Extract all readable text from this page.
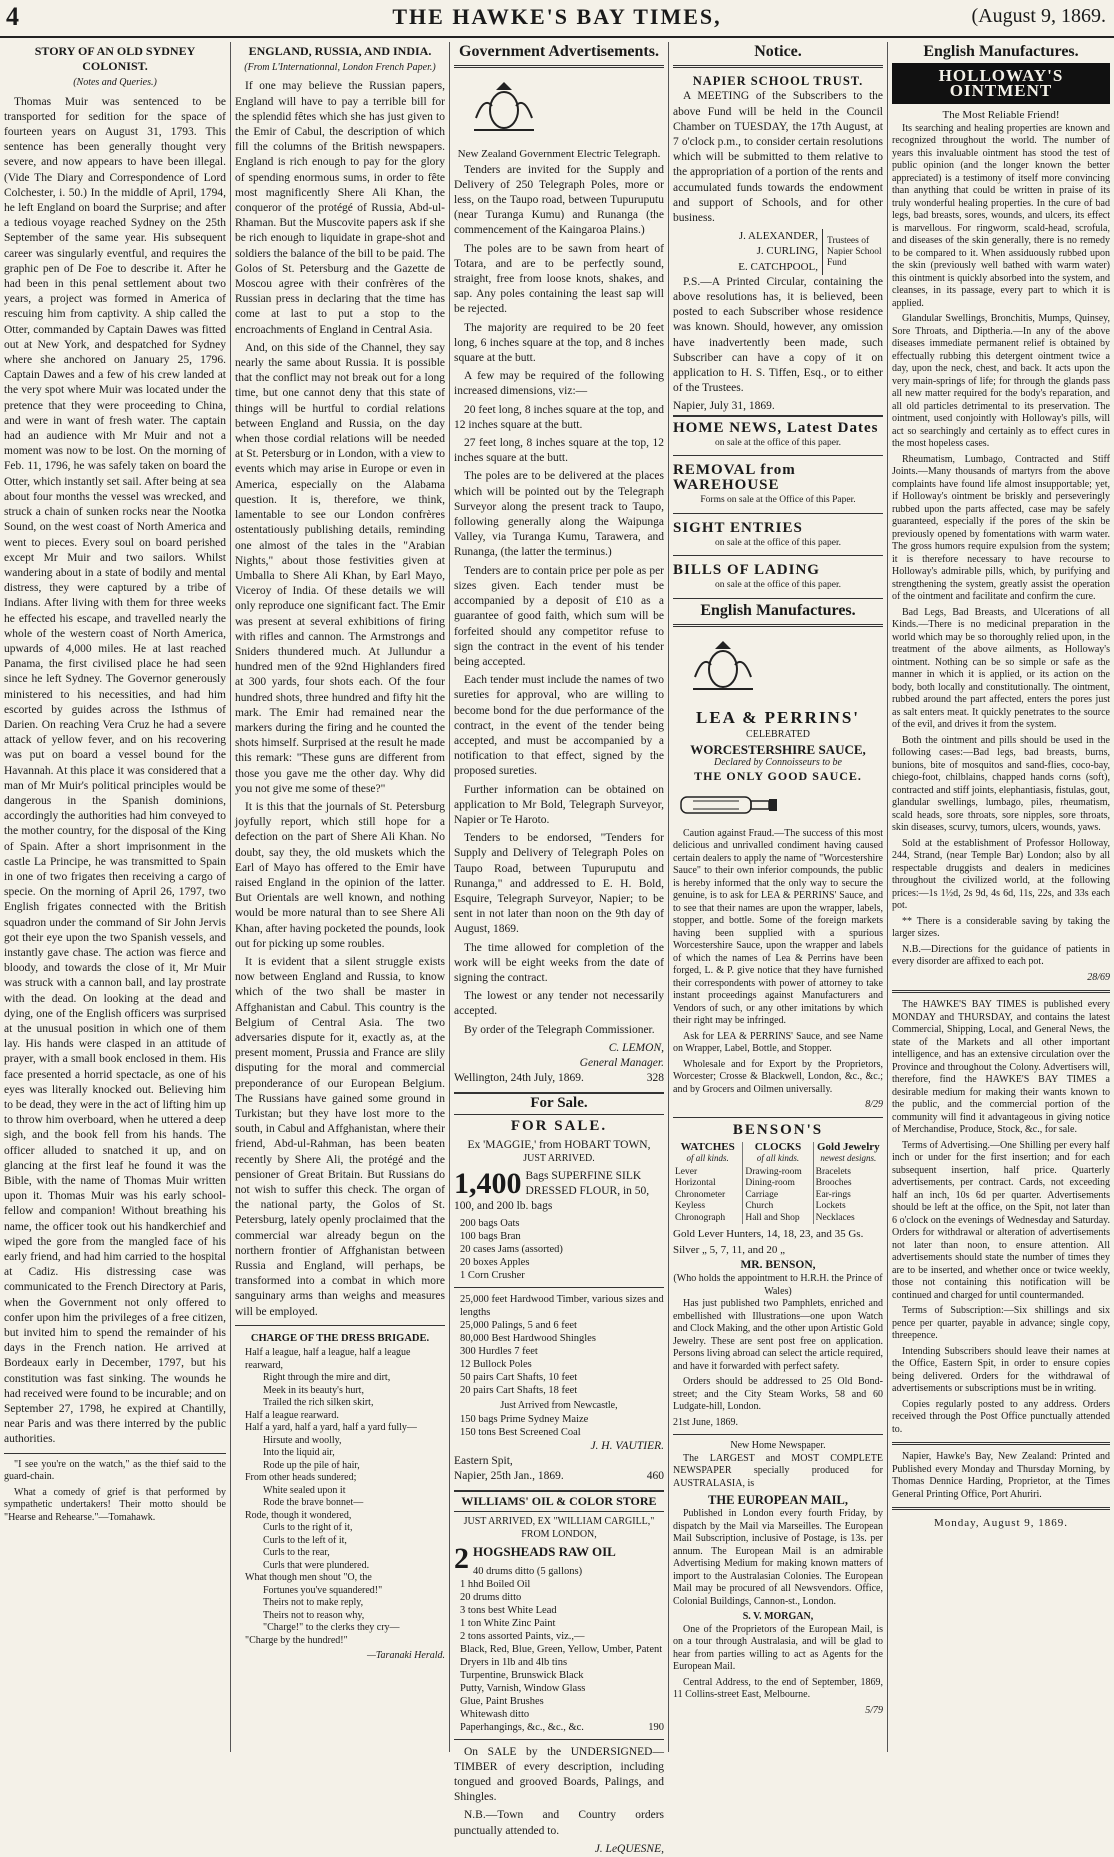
4	THE HAWKE'S BAY TIMES,	(August 9, 1869.
STORY OF AN OLD SYDNEY COLONIST.
(Notes and Queries.)

Thomas Muir was sentenced to be transported for sedition for the space of fourteen years on August 31, 1793. This sentence has been generally thought very severe, and now appears to have been illegal. (Vide The Diary and Correspondence of Lord Colchester, i. 50.) In the middle of April, 1794, he left England on board the Surprise; and after a tedious voyage reached Sydney on the 25th September of the same year. His subsequent career was singularly eventful, and requires the graphic pen of De Foe to describe it. After he had been in this penal settlement about two years, a project was formed in America of rescuing him from captivity. A ship called the Otter, commanded by Captain Dawes was fitted out at New York, and despatched for Sydney where she anchored on January 25, 1796. Captain Dawes and a few of his crew landed at the very spot where Muir was located under the pretence that they were proceeding to China, and were in want of fresh water. The captain had an audience with Mr Muir and not a moment was now to be lost. On the morning of Feb. 11, 1796, he was safely taken on board the Otter, which instantly set sail. After being at sea about four months the vessel was wrecked, and struck a chain of sunken rocks near the Nootka Sound, on the west coast of North America and went to pieces. Every soul on board perished except Mr Muir and two sailors. Whilst wandering about in a state of bodily and mental distress, they were captured by a tribe of Indians. After living with them for three weeks he effected his escape, and travelled nearly the whole of the western coast of North America, upwards of 4,000 miles. He at last reached Panama, the first civilised place he had seen since he left Sydney. The Governor generously ministered to his necessities, and had him escorted by guides across the Isthmus of Darien. On reaching Vera Cruz he had a severe attack of yellow fever, and on his recovering was put on board a vessel bound for the Havannah. At this place it was considered that a man of Mr Muir's political principles would be dangerous in the Spanish dominions, accordingly the authorities had him conveyed to the mother country, for the disposal of the King of Spain. After a short imprisonment in the castle La Principe, he was transmitted to Spain in one of two frigates then receiving a cargo of specie. On the morning of April 26, 1797, two English frigates connected with the British squadron under the command of Sir John Jervis got their eye upon the two Spanish vessels, and instantly gave chase. The action was fierce and bloody, and towards the close of it, Mr Muir was struck with a cannon ball, and lay prostrate with the dead. On looking at the dead and dying, one of the English officers was surprised at the unusual position in which one of them lay. His hands were clasped in an attitude of prayer, with a small book enclosed in them. His face presented a horrid spectacle, as one of his eyes was literally knocked out. Believing him to be dead, they were in the act of lifting him up to throw him overboard, when he uttered a deep sigh, and the book fell from his hands. The officer alluded to snatched it up, and on glancing at the first leaf he found it was the Bible, with the name of Thomas Muir written upon it. Thomas Muir was his early school-fellow and companion! Without breathing his name, the officer took out his handkerchief and wiped the gore from the mangled face of his early friend, and had him carried to the hospital at Cadiz. His distressing case was communicated to the French Directory at Paris, when the Government not only offered to confer upon him the privileges of a free citizen, but invited him to spend the remainder of his days in the French nation. He arrived at Bordeaux early in December, 1797, but his constitution was fast sinking. The wounds he had received were found to be incurable; and on September 27, 1798, he expired at Chantilly, near Paris and was there interred by the public authorities.

"I see you're on the watch," as the thief said to the guard-chain.

What a comedy of grief is that performed by sympathetic undertakers! Their motto should be "Hearse and Rehearse."—Tomahawk.

ENGLAND, RUSSIA, AND INDIA.
(From L'Internationnal, London French Paper.)

If one may believe the Russian papers, England will have to pay a terrible bill for the splendid fêtes which she has just given to the Emir of Cabul, the description of which fill the columns of the British newspapers. England is rich enough to pay for the glory of spending enormous sums, in order to fête most magnificently Shere Ali Khan, the conqueror of the protégé of Russia, Abd-ul-Rhaman. But the Muscovite papers ask if she be rich enough to liquidate in grape-shot and soldiers the balance of the bill to be paid. The Golos of St. Petersburg and the Gazette de Moscou agree with their confrères of the Russian press in declaring that the time has come at last to put a stop to the encroachments of England in Central Asia.

And, on this side of the Channel, they say nearly the same about Russia. It is possible that the conflict may not break out for a long time, but one cannot deny that this state of things will be hurtful to cordial relations between England and Russia, on the day when those cordial relations will be needed at St. Petersburg or in London, with a view to events which may arise in Europe or even in America, especially on the Alabama question. It is, therefore, we think, lamentable to see our London confrères ostentatiously publishing details, reminding one almost of the tales in the "Arabian Nights," about those festivities given at Umballa to Shere Ali Khan, by Earl Mayo, Viceroy of India. Of these details we will only reproduce one significant fact. The Emir was present at several exhibitions of firing with rifles and cannon. The Armstrongs and Sniders thundered much. At Jullundur a hundred men of the 92nd Highlanders fired at 300 yards, four shots each. Of the four hundred shots, three hundred and fifty hit the mark. The Emir had remained near the markers during the firing and he counted the shots himself. Surprised at the result he made this remark: "These guns are different from those you gave me the other day. Why did you not give me some of these?"

It is this that the journals of St. Petersburg joyfully report, which still hope for a defection on the part of Shere Ali Khan. No doubt, say they, the old muskets which the Earl of Mayo has offered to the Emir have raised England in the opinion of the latter. But Orientals are well known, and nothing would be more natural than to see Shere Ali Khan, after having pocketed the pounds, look out for picking up some roubles.

It is evident that a silent struggle exists now between England and Russia, to know which of the two shall be master in Affghanistan and Cabul. This country is the Belgium of Central Asia. The two adversaries dispute for it, exactly as, at the present moment, Prussia and France are slily disputing for the moral and commercial preponderance of our European Belgium. The Russians have gained some ground in Turkistan; but they have lost more to the south, in Cabul and Affghanistan, where their friend, Abd-ul-Rahman, has been beaten recently by Shere Ali, the protégé and the pensioner of Great Britain. But Russians do not wish to suffer this check. The organ of the national party, the Golos of St. Petersburg, lately openly proclaimed that the commercial war already begun on the northern frontier of Affghanistan between Russia and England, will perhaps, be transformed into a combat in which more sanguinary arms than weighs and measures will be employed.

CHARGE OF THE DRESS BRIGADE.
Half a league, half a league, half a league rearward,
Right through the mire and dirt,
Meek in its beauty's hurt,
Trailed the rich silken skirt,
Half a league rearward.
Half a yard, half a yard, half a yard fully—
Hirsute and woolly,
Into the liquid air,
Rode up the pile of hair,
From other heads sundered;
White sealed upon it
Rode the brave bonnet—
Rode, though it wondered,
Curls to the right of it,
Curls to the left of it,
Curls to the rear,
Curls that were plundered.
What though men shout "O, the
Fortunes you've squandered!"
Theirs not to make reply,
Theirs not to reason why,
"Charge!" to the clerks they cry—
"Charge by the hundred!"
—Taranaki Herald.
Government Advertisements.
New Zealand Government Electric Telegraph.

Tenders are invited for the Supply and Delivery of 250 Telegraph Poles, more or less, on the Taupo road, between Tupuruputu (near Turanga Kumu) and Runanga (the commencement of the Kaingaroa Plains.)

The poles are to be sawn from heart of Totara, and are to be perfectly sound, straight, free from loose knots, shakes, and sap. Any poles containing the least sap will be rejected.

The majority are required to be 20 feet long, 6 inches square at the top, and 8 inches square at the butt.

A few may be required of the following increased dimensions, viz:—

20 feet long, 8 inches square at the top, and 12 inches square at the butt.

27 feet long, 8 inches square at the top, 12 inches square at the butt.

The poles are to be delivered at the places which will be pointed out by the Telegraph Surveyor along the present track to Taupo, following generally along the Waipunga Valley, via Turanga Kumu, Tarawera, and Runanga, (the latter the terminus.)

Tenders are to contain price per pole as per sizes given. Each tender must be accompanied by a deposit of £10 as a guarantee of good faith, which sum will be forfeited should any competitor refuse to sign the contract in the event of his tender being accepted.

Each tender must include the names of two sureties for approval, who are willing to become bond for the due performance of the contract, in the event of the tender being accepted, and must be accompanied by a notification to that effect, signed by the proposed sureties.

Further information can be obtained on application to Mr Bold, Telegraph Surveyor, Napier or Te Haroto.

Tenders to be endorsed, "Tenders for Supply and Delivery of Telegraph Poles on Taupo Road, between Tupuruputu and Runanga," and addressed to E. H. Bold, Esquire, Telegraph Surveyor, Napier; to be sent in not later than noon on the 9th day of August, 1869.

The time allowed for completion of the work will be eight weeks from the date of signing the contract.

The lowest or any tender not necessarily accepted.

By order of the Telegraph Commissioner.

C. LEMON,
General Manager.
Wellington, 24th July, 1869.	328
For Sale.
FOR SALE.
Ex 'MAGGIE,' from HOBART TOWN,
JUST ARRIVED.
1,400 Bags SUPERFINE SILK DRESSED FLOUR, in 50, 100, and 200 lb. bags
200 bags Oats
100 bags Bran
20 cases Jams (assorted)
20 boxes Apples
1 Corn Crusher
25,000 feet Hardwood Timber, various sizes and lengths
25,000 Palings, 5 and 6 feet
80,000 Best Hardwood Shingles
300 Hurdles 7 feet
12 Bullock Poles
50 pairs Cart Shafts, 10 feet
20 pairs Cart Shafts, 18 feet
Just Arrived from Newcastle,
150 bags Prime Sydney Maize
150 tons Best Screened Coal
J. H. VAUTIER.
Eastern Spit,
Napier, 25th Jan., 1869.	460
WILLIAMS' OIL & COLOR STORE
JUST ARRIVED, EX "WILLIAM CARGILL," FROM LONDON,
2 HOGSHEADS RAW OIL
40 drums ditto (5 gallons)
1 hhd Boiled Oil
20 drums ditto
3 tons best White Lead
1 ton White Zinc Paint
2 tons assorted Paints, viz.,—
Black, Red, Blue, Green, Yellow, Umber, Patent Dryers in 1lb and 4lb tins
Turpentine, Brunswick Black
Putty, Varnish, Window Glass
Glue, Paint Brushes
Whitewash ditto
Paperhangings, &c., &c., &c.	190

On SALE by the UNDERSIGNED—TIMBER of every description, including tongued and grooved Boards, Palings, and Shingles.

N.B.—Town and Country orders punctually attended to.

J. LeQUESNE,
Notice.
NAPIER SCHOOL TRUST.

A MEETING of the Subscribers to the above Fund will be held in the Council Chamber on TUESDAY, the 17th August, at 7 o'clock p.m., to consider certain resolutions which will be submitted to them relative to the appropriation of a portion of the rents and accumulated funds towards the endowment and support of Schools, and for other business.

J. ALEXANDER,
J. CURLING,
E. CATCHPOOL,
Trustees of Napier School Fund

P.S.—A Printed Circular, containing the above resolutions has, it is believed, been posted to each Subscriber whose residence was known. Should, however, any omission have inadvertently been made, such Subscriber can have a copy of it on application to H. S. Tiffen, Esq., or to either of the Trustees.

Napier, July 31, 1869.
HOME NEWS, Latest Dates
on sale at the office of this paper.
REMOVAL from WAREHOUSE
Forms on sale at the Office of this Paper.
SIGHT ENTRIES
on sale at the office of this paper.
BILLS OF LADING
on sale at the office of this paper.
English Manufactures.
LEA & PERRINS'
CELEBRATED
WORCESTERSHIRE SAUCE,
Declared by Connoisseurs to be
THE ONLY GOOD SAUCE.

Caution against Fraud.—The success of this most delicious and unrivalled condiment having caused certain dealers to apply the name of "Worcestershire Sauce" to their own inferior compounds, the public is hereby informed that the only way to secure the genuine, is to ask for LEA & PERRINS' Sauce, and to see that their names are upon the wrapper, labels, stopper, and bottle. Some of the foreign markets having been supplied with a spurious Worcestershire Sauce, upon the wrapper and labels of which the names of Lea & Perrins have been forged, L. & P. give notice that they have furnished their correspondents with power of attorney to take instant proceedings against Manufacturers and Vendors of such, or any other imitations by which their right may be infringed.

Ask for LEA & PERRINS' Sauce, and see Name on Wrapper, Label, Bottle, and Stopper.

Wholesale and for Export by the Proprietors, Worcester; Crosse & Blackwell, London, &c., &c.; and by Grocers and Oilmen universally.

8/29
BENSON'S
WATCHES
of all kinds.
Lever
Horizontal
Chronometer
Keyless
Chronograph
CLOCKS
of all kinds.
Drawing-room
Dining-room
Carriage
Church
Hall and Shop
Gold Jewelry
newest designs.
Bracelets
Brooches
Ear-rings
Lockets
Necklaces
Gold Lever Hunters, 14, 18, 23, and 35 Gs. Silver „ 5, 7, 11, and 20 „
MR. BENSON,
(Who holds the appointment to H.R.H. the Prince of Wales)

Has just published two Pamphlets, enriched and embellished with Illustrations—one upon Watch and Clock Making, and the other upon Artistic Gold Jewelry. These are sent post free on application. Persons living abroad can select the article required, and have it forwarded with perfect safety.

Orders should be addressed to 25 Old Bond-street; and the City Steam Works, 58 and 60 Ludgate-hill, London.

21st June, 1869.
New Home Newspaper.

The LARGEST and MOST COMPLETE NEWSPAPER specially produced for AUSTRALASIA, is

THE EUROPEAN MAIL,

Published in London every fourth Friday, by dispatch by the Mail via Marseilles. The European Mail Subscription, inclusive of Postage, is 13s. per annum. The European Mail is an admirable Advertising Medium for making known matters of import to the Australasian Colonies. The European Mail may be procured of all Newsvendors. Office, Colonial Buildings, Cannon-st., London.

S. V. MORGAN,

One of the Proprietors of the European Mail, is on a tour through Australasia, and will be glad to hear from parties willing to act as Agents for the European Mail.

Central Address, to the end of September, 1869, 11 Collins-street East, Melbourne.

5/79
English Manufactures.
HOLLOWAY'S OINTMENT
The Most Reliable Friend!

Its searching and healing properties are known and recognized throughout the world. The number of years this invaluable ointment has stood the test of public opinion (and the longer known the better appreciated) is a testimony of itself more convincing than anything that could be written in praise of its truly wonderful healing properties. In the cure of bad legs, bad breasts, sores, wounds, and ulcers, its effect is marvellous. For ringworm, scald-head, scrofula, and diseases of the skin generally, there is no remedy to be compared to it. When assiduously rubbed upon the skin (previously well bathed with warm water) this ointment is quickly absorbed into the system, and cleanses, in its passage, every part to which it is applied.

Glandular Swellings, Bronchitis, Mumps, Quinsey, Sore Throats, and Diptheria.—In any of the above diseases immediate permanent relief is obtained by effectually rubbing this detergent ointment twice a day, upon the neck, chest, and back. It acts upon the very main-springs of life; for through the glands pass all new matter required for the body's reparation, and all old particles detrimental to its preservation. The ointment, used conjointly with Holloway's pills, will act so searchingly and certainly as to effect cures in the most hopeless cases.

Rheumatism, Lumbago, Contracted and Stiff Joints.—Many thousands of martyrs from the above complaints have found life almost insupportable; yet, if Holloway's ointment be briskly and perseveringly rubbed upon the parts affected, case may be safely guaranteed, especially if the pores of the skin be previously opened by fomentations with warm water. The gross humors require expulsion from the system; it is therefore necessary to have recourse to Holloway's admirable pills, which, by purifying and strengthening the system, greatly assist the operation of the ointment and facilitate and confirm the cure.

Bad Legs, Bad Breasts, and Ulcerations of all Kinds.—There is no medicinal preparation in the world which may be so thoroughly relied upon, in the treatment of the above ailments, as Holloway's ointment. Nothing can be so simple or safe as the manner in which it is applied, or its action on the body, both locally and constitutionally. The ointment, rubbed around the part affected, enters the pores just as salt enters meat. It quickly penetrates to the source of the evil, and drives it from the system.

Both the ointment and pills should be used in the following cases:—Bad legs, bad breasts, burns, bunions, bite of mosquitos and sand-flies, coco-bay, chiego-foot, chilblains, chapped hands corns (soft), contracted and stiff joints, elephantiasis, fistulas, gout, glandular swellings, lumbago, piles, rheumatism, scald heads, sore throats, sore nipples, sore throats, skin diseases, scurvy, tumors, ulcers, wounds, yaws.

Sold at the establishment of Professor Holloway, 244, Strand, (near Temple Bar) London; also by all respectable druggists and dealers in medicines throughout the civilized world, at the following prices:—1s 1½d, 2s 9d, 4s 6d, 11s, 22s, and 33s each pot.

** There is a considerable saving by taking the larger sizes.

N.B.—Directions for the guidance of patients in every disorder are affixed to each pot.

28/69

The HAWKE'S BAY TIMES is published every MONDAY and THURSDAY, and contains the latest Commercial, Shipping, Local, and General News, the state of the Markets and all other important intelligence, and has an extensive circulation over the Province and throughout the Colony. Advertisers will, therefore, find the HAWKE'S BAY TIMES a desirable medium for making their wants known to the public, and the commercial portion of the community will find it advantageous in giving notice of Merchandise, Produce, Stock, &c., for sale.

Terms of Advertising.—One Shilling per every half inch or under for the first insertion; and for each subsequent insertion, half price. Quarterly advertisements, per contract. Cards, not exceeding half an inch, 10s 6d per quarter. Advertisements should be left at the office, on the Spit, not later than 6 o'clock on the evenings of Wednesday and Saturday. Orders for withdrawal or alteration of advertisements not later than noon, to ensure attention. All advertisements should state the number of times they are to be inserted, and whether once or twice weekly, those not containing this notification will be continued and charged for until countermanded.

Terms of Subscription:—Six shillings and six pence per quarter, payable in advance; single copy, threepence.

Intending Subscribers should leave their names at the Office, Eastern Spit, in order to ensure copies being delivered. Orders for the withdrawal of advertisements or subscriptions must be in writing.

Copies regularly posted to any address. Orders received through the Post Office punctually attended to.

Napier, Hawke's Bay, New Zealand: Printed and Published every Monday and Thursday Morning, by Thomas Dennice Harding, Proprietor, at the Times General Printing Office, Port Ahuriri.

Monday, August 9, 1869.
